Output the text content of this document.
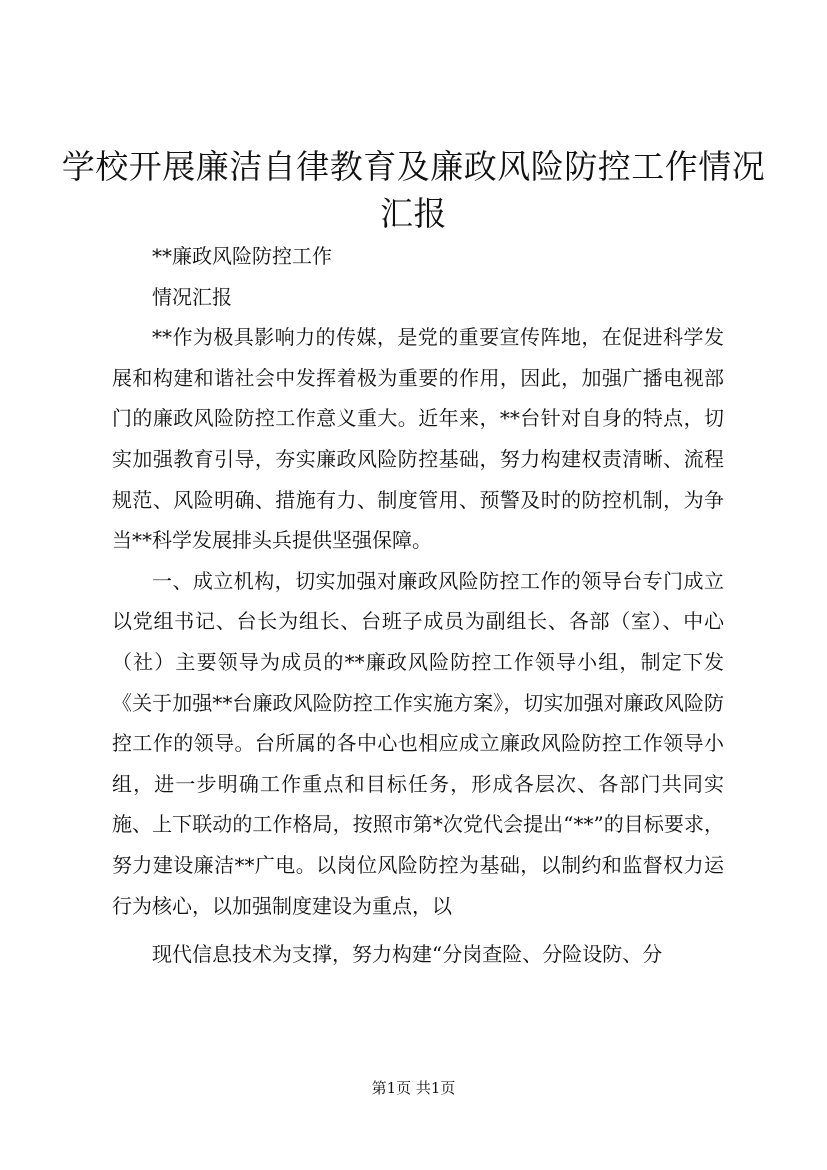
学校开展廉洁自律教育及廉政风险防控工作情况汇报

**廉政风险防控工作

情况汇报

**作为极具影响力的传媒，是党的重要宣传阵地，在促进科学发展和构建和谐社会中发挥着极为重要的作用，因此，加强广播电视部门的廉政风险防控工作意义重大。近年来，**台针对自身的特点，切实加强教育引导，夯实廉政风险防控基础，努力构建权责清晰、流程规范、风险明确、措施有力、制度管用、预警及时的防控机制，为争当**科学发展排头兵提供坚强保障。

一、成立机构，切实加强对廉政风险防控工作的领导台专门成立以党组书记、台长为组长、台班子成员为副组长、各部（室）、中心（社）主要领导为成员的**廉政风险防控工作领导小组，制定下发《关于加强**台廉政风险防控工作实施方案》，切实加强对廉政风险防控工作的领导。台所属的各中心也相应成立廉政风险防控工作领导小组，进一步明确工作重点和目标任务，形成各层次、各部门共同实施、上下联动的工作格局，按照市第*次党代会提出“**”的目标要求，努力建设廉洁**广电。以岗位风险防控为基础，以制约和监督权力运行为核心，以加强制度建设为重点，以

现代信息技术为支撑，努力构建“分岗查险、分险设防、分

第1页 共1页
